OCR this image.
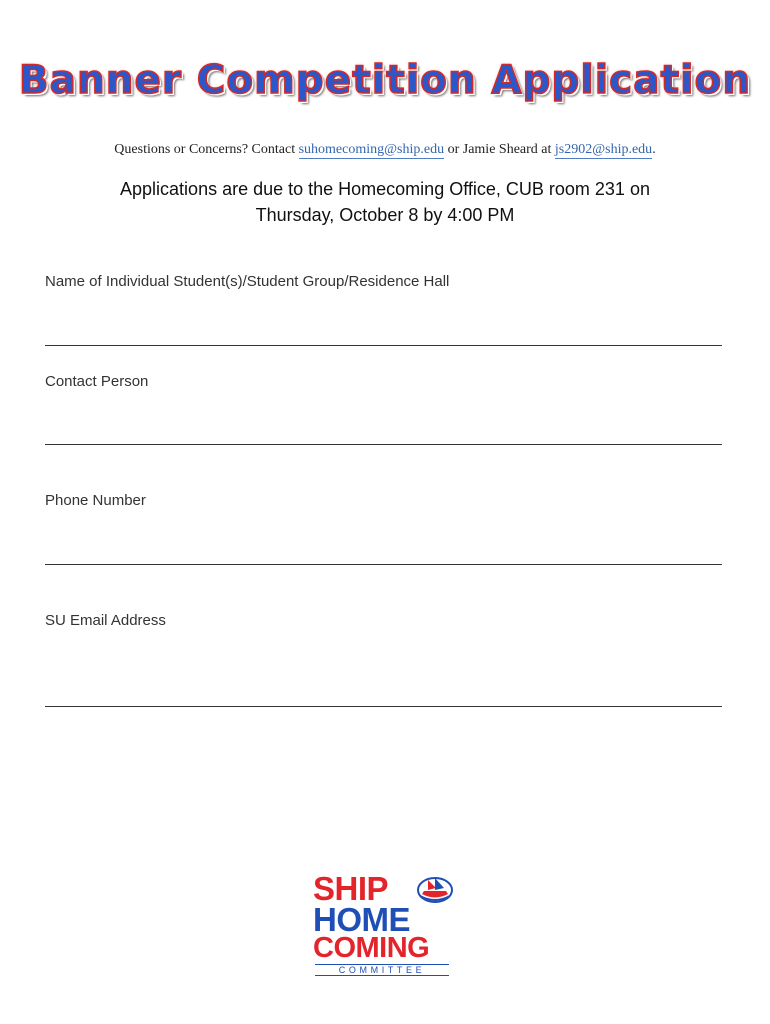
Banner Competition Application
Questions or Concerns? Contact suhomecoming@ship.edu or Jamie Sheard at js2902@ship.edu.
Applications are due to the Homecoming Office, CUB room 231 on
Thursday, October 8 by 4:00 PM
Name of Individual Student(s)/Student Group/Residence Hall
Contact Person
Phone Number
SU Email Address
SHIP
HOME
COMING
COMMITTEE
